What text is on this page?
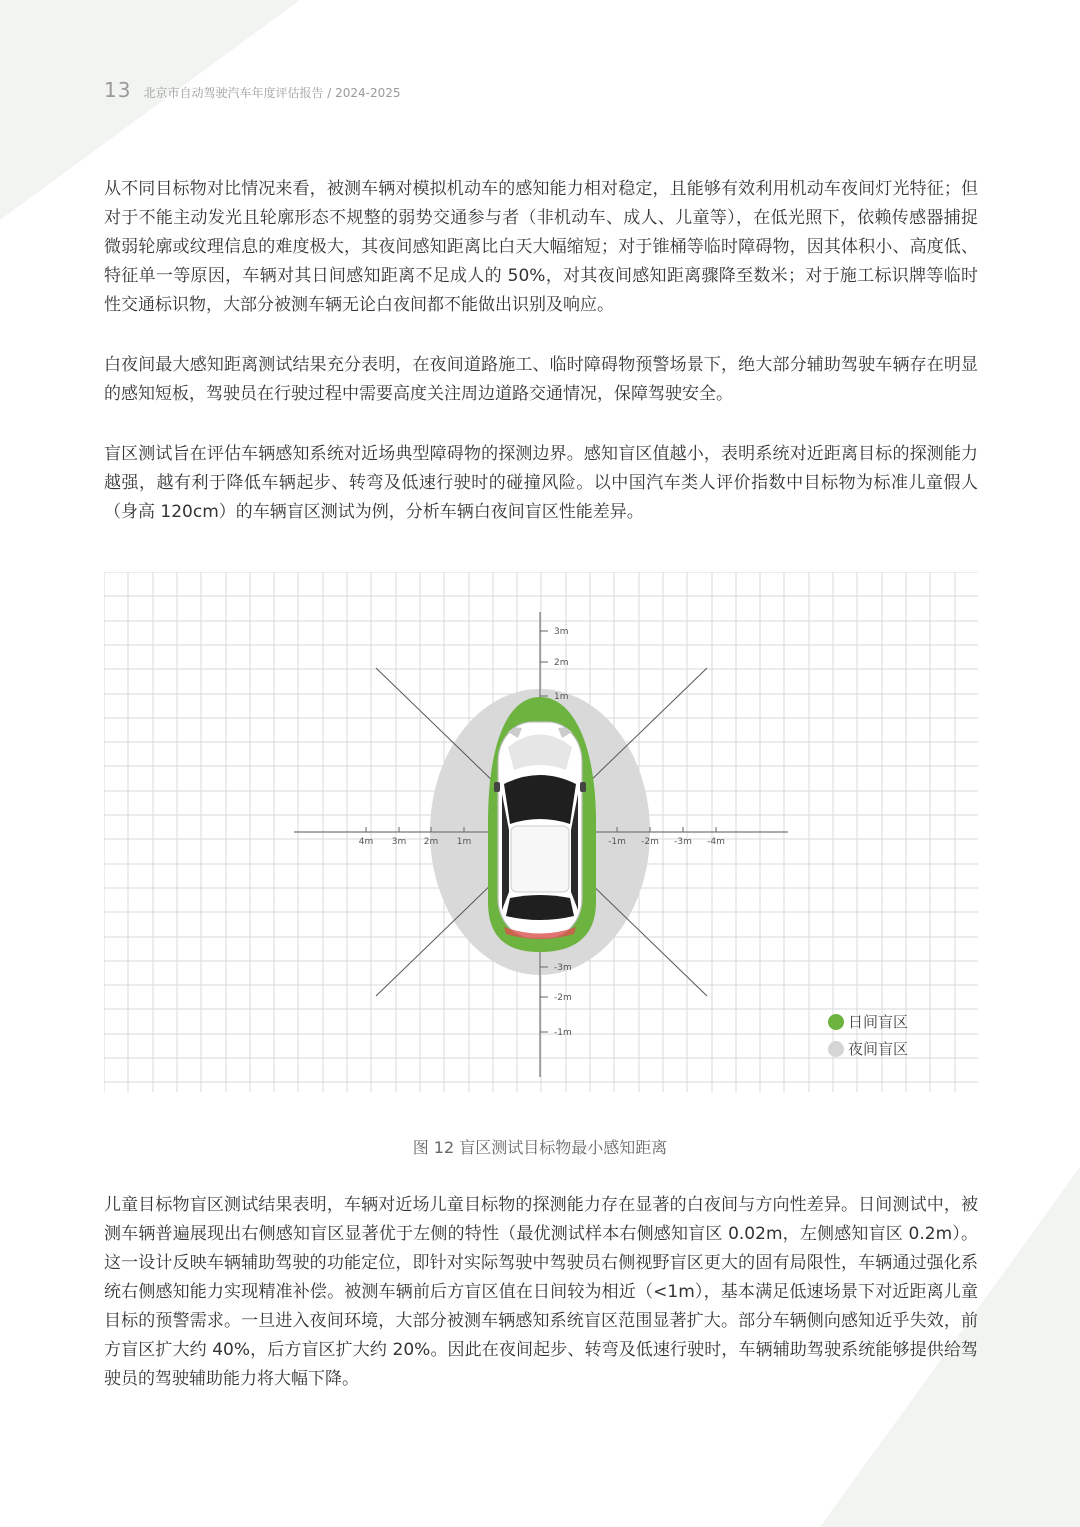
13 北京市自动驾驶汽车年度评估报告 / 2024-2025

从不同目标物对比情况来看，被测车辆对模拟机动车的感知能力相对稳定，且能够有效利用机动车夜间灯光特征；但对于不能主动发光且轮廓形态不规整的弱势交通参与者（非机动车、成人、儿童等），在低光照下，依赖传感器捕捉微弱轮廓或纹理信息的难度极大，其夜间感知距离比白天大幅缩短；对于锥桶等临时障碍物，因其体积小、高度低、特征单一等原因，车辆对其日间感知距离不足成人的 50%，对其夜间感知距离骤降至数米；对于施工标识牌等临时性交通标识物，大部分被测车辆无论白夜间都不能做出识别及响应。

白夜间最大感知距离测试结果充分表明，在夜间道路施工、临时障碍物预警场景下，绝大部分辅助驾驶车辆存在明显的感知短板，驾驶员在行驶过程中需要高度关注周边道路交通情况，保障驾驶安全。

盲区测试旨在评估车辆感知系统对近场典型障碍物的探测边界。感知盲区值越小，表明系统对近距离目标的探测能力越强，越有利于降低车辆起步、转弯及低速行驶时的碰撞风险。以中国汽车类人评价指数中目标物为标准儿童假人（身高 120cm）的车辆盲区测试为例，分析车辆白夜间盲区性能差异。

4m 3m 2m 1m	-1m -2m -3m -4m
3m
2m
1m
-3m
-2m
-1m
日间盲区
夜间盲区
图 12 盲区测试目标物最小感知距离

儿童目标物盲区测试结果表明，车辆对近场儿童目标物的探测能力存在显著的白夜间与方向性差异。日间测试中，被测车辆普遍展现出右侧感知盲区显著优于左侧的特性（最优测试样本右侧感知盲区 0.02m，左侧感知盲区 0.2m）。这一设计反映车辆辅助驾驶的功能定位，即针对实际驾驶中驾驶员右侧视野盲区更大的固有局限性，车辆通过强化系统右侧感知能力实现精准补偿。被测车辆前后方盲区值在日间较为相近（<1m），基本满足低速场景下对近距离儿童目标的预警需求。一旦进入夜间环境，大部分被测车辆感知系统盲区范围显著扩大。部分车辆侧向感知近乎失效，前方盲区扩大约 40%，后方盲区扩大约 20%。因此在夜间起步、转弯及低速行驶时，车辆辅助驾驶系统能够提供给驾驶员的驾驶辅助能力将大幅下降。
